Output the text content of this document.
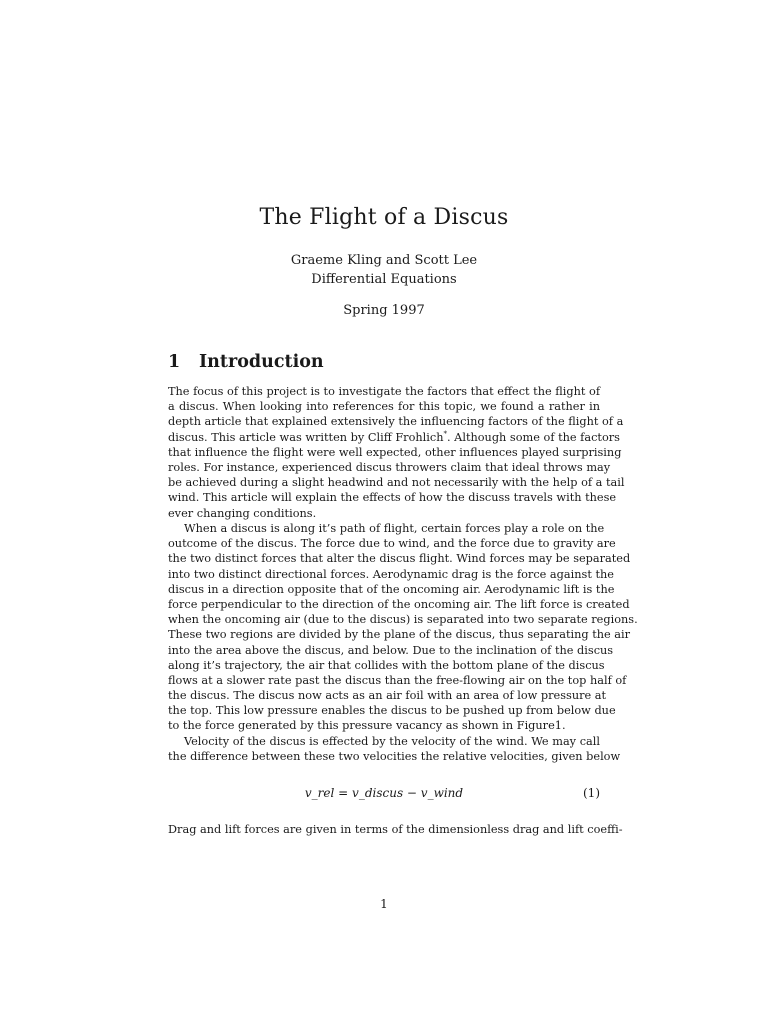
The Flight of a Discus
Graeme Kling and Scott Lee
Differential Equations
Spring 1997
1 Introduction
The focus of this project is to investigate the factors that effect the flight of
a discus. When looking into references for this topic, we found a rather in
depth article that explained extensively the influencing factors of the flight of a
discus. This article was written by Cliff Frohlich* . Although some of the factors
that influence the flight were well expected, other influences played surprising
roles. For instance, experienced discus throwers claim that ideal throws may
be achieved during a slight headwind and not necessarily with the help of a tail
wind. This article will explain the effects of how the discuss travels with these
ever changing conditions.
When a discus is along it’s path of flight, certain forces play a role on the
outcome of the discus. The force due to wind, and the force due to gravity are
the two distinct forces that alter the discus flight. Wind forces may be separated
into two distinct directional forces. Aerodynamic drag is the force against the
discus in a direction opposite that of the oncoming air. Aerodynamic lift is the
force perpendicular to the direction of the oncoming air. The lift force is created
when the oncoming air (due to the discus) is separated into two separate regions.
These two regions are divided by the plane of the discus, thus separating the air
into the area above the discus, and below. Due to the inclination of the discus
along it’s trajectory, the air that collides with the bottom plane of the discus
flows at a slower rate past the discus than the free-flowing air on the top half of
the discus. The discus now acts as an air foil with an area of low pressure at
the top. This low pressure enables the discus to be pushed up from below due
to the force generated by this pressure vacancy as shown in Figure1.
Velocity of the discus is effected by the velocity of the wind. We may call
the difference between these two velocities the relative velocities, given below
v_rel = v_discus − v_wind	(1)
Drag and lift forces are given in terms of the dimensionless drag and lift coeffi-
1
